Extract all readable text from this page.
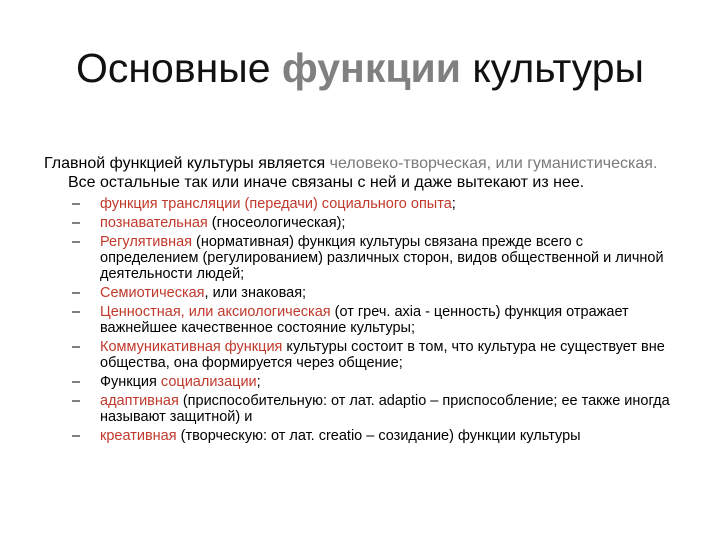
Основные функции культуры
Главной функцией культуры является человеко-творческая, или гуманистическая. Все остальные так или иначе связаны с ней и даже вытекают из нее.
– функция трансляции (передачи) социального опыта;
– познавательная (гносеологическая);
– Регулятивная (нормативная) функция культуры связана прежде всего с определением (регулированием) различных сторон, видов общественной и личной деятельности людей;
– Семиотическая, или знаковая;
– Ценностная, или аксиологическая (от греч. axia - ценность) функция отражает важнейшее качественное состояние культуры;
– Коммуникативная функция культуры состоит в том, что культура не существует вне общества, она формируется через общение;
– Функция социализации;
– адаптивная (приспособительную: от лат. adaptio – приспособление; ее также иногда называют защитной) и
– креативная (творческую: от лат. creatio – созидание) функции культуры
